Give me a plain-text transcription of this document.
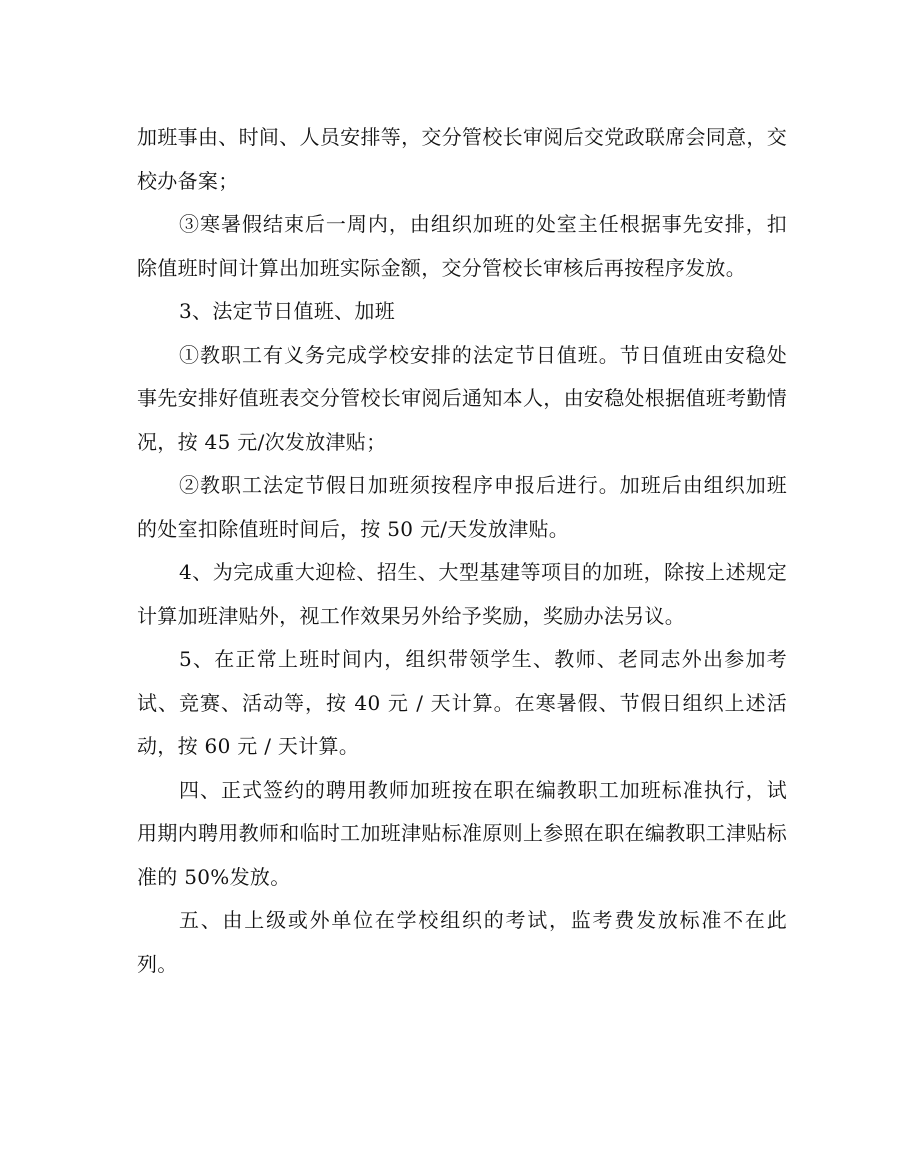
加班事由、时间、人员安排等，交分管校长审阅后交党政联席会同意，交校办备案；

③寒暑假结束后一周内，由组织加班的处室主任根据事先安排，扣除值班时间计算出加班实际金额，交分管校长审核后再按程序发放。

3、法定节日值班、加班

①教职工有义务完成学校安排的法定节日值班。节日值班由安稳处事先安排好值班表交分管校长审阅后通知本人，由安稳处根据值班考勤情况，按 45 元/次发放津贴；

②教职工法定节假日加班须按程序申报后进行。加班后由组织加班的处室扣除值班时间后，按 50 元/天发放津贴。

4、为完成重大迎检、招生、大型基建等项目的加班，除按上述规定计算加班津贴外，视工作效果另外给予奖励，奖励办法另议。

5、在正常上班时间内，组织带领学生、教师、老同志外出参加考试、竞赛、活动等，按 40 元 / 天计算。在寒暑假、节假日组织上述活动，按 60 元 / 天计算。

四、正式签约的聘用教师加班按在职在编教职工加班标准执行，试用期内聘用教师和临时工加班津贴标准原则上参照在职在编教职工津贴标准的 50%发放。

五、由上级或外单位在学校组织的考试，监考费发放标准不在此列。
